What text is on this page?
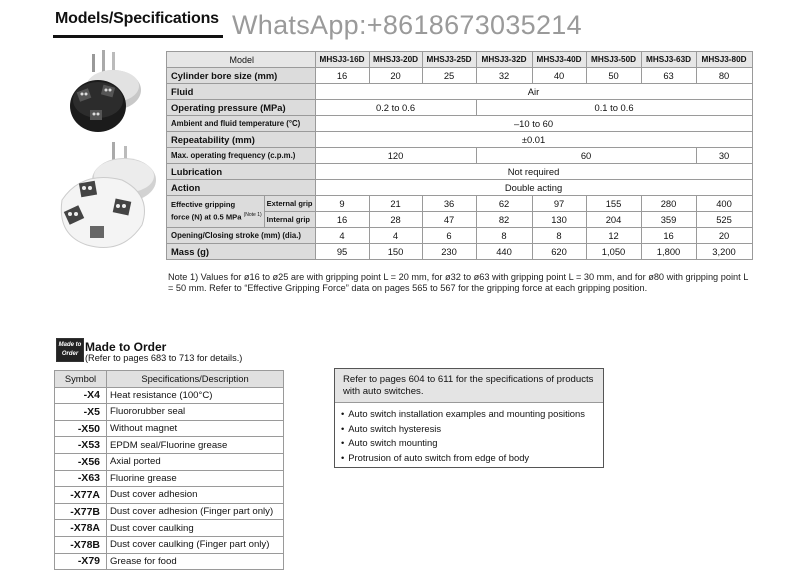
Models/Specifications WhatsApp:+8618673035214
Model		MHSJ3-16D	MHSJ3-20D	MHSJ3-25D	MHSJ3-32D	MHSJ3-40D	MHSJ3-50D	MHSJ3-63D	MHSJ3-80D
Cylinder bore size (mm)		16	20	25	32	40	50	63	80
Fluid		Air							
Operating pressure (MPa)		0.2 to 0.6			0.1 to 0.6				
Ambient and fluid temperature (°C)		–10 to 60							
Repeatability (mm)		±0.01							
Max. operating frequency (c.p.m.)		120			60				30
Lubrication		Not required							
Action		Double acting							
Effective gripping
force (N) at 0.5 MPa $^{(Note 1)}$	External grip	9	21	36	62	97	155	280	400
	Internal grip	16	28	47	82	130	204	359	525
Opening/Closing stroke (mm) (dia.)		4	4	6	8	8	12	16	20
Mass (g)		95	150	230	440	620	1,050	1,800	3,200
Note 1) Values for ø16 to ø25 are with gripping point L = 20 mm, for ø32 to ø63 with gripping point L = 30 mm, and for ø80 with gripping point L = 50 mm. Refer to “Effective Gripping Force” data on pages 565 to 567 for the gripping force at each gripping position.
Made to Order Made to Order
(Refer to pages 683 to 713 for details.)
Symbol	Specifications/Description
-X4	Heat resistance (100°C)
-X5	Fluororubber seal
-X50	Without magnet
-X53	EPDM seal/Fluorine grease
-X56	Axial ported
-X63	Fluorine grease
-X77A	Dust cover adhesion
-X77B	Dust cover adhesion (Finger part only)
-X78A	Dust cover caulking
-X78B	Dust cover caulking (Finger part only)
-X79	Grease for food
Refer to pages 604 to 611 for the specifications of products with auto switches.
• Auto switch installation examples and mounting positions
• Auto switch hysteresis
• Auto switch mounting
• Protrusion of auto switch from edge of body
